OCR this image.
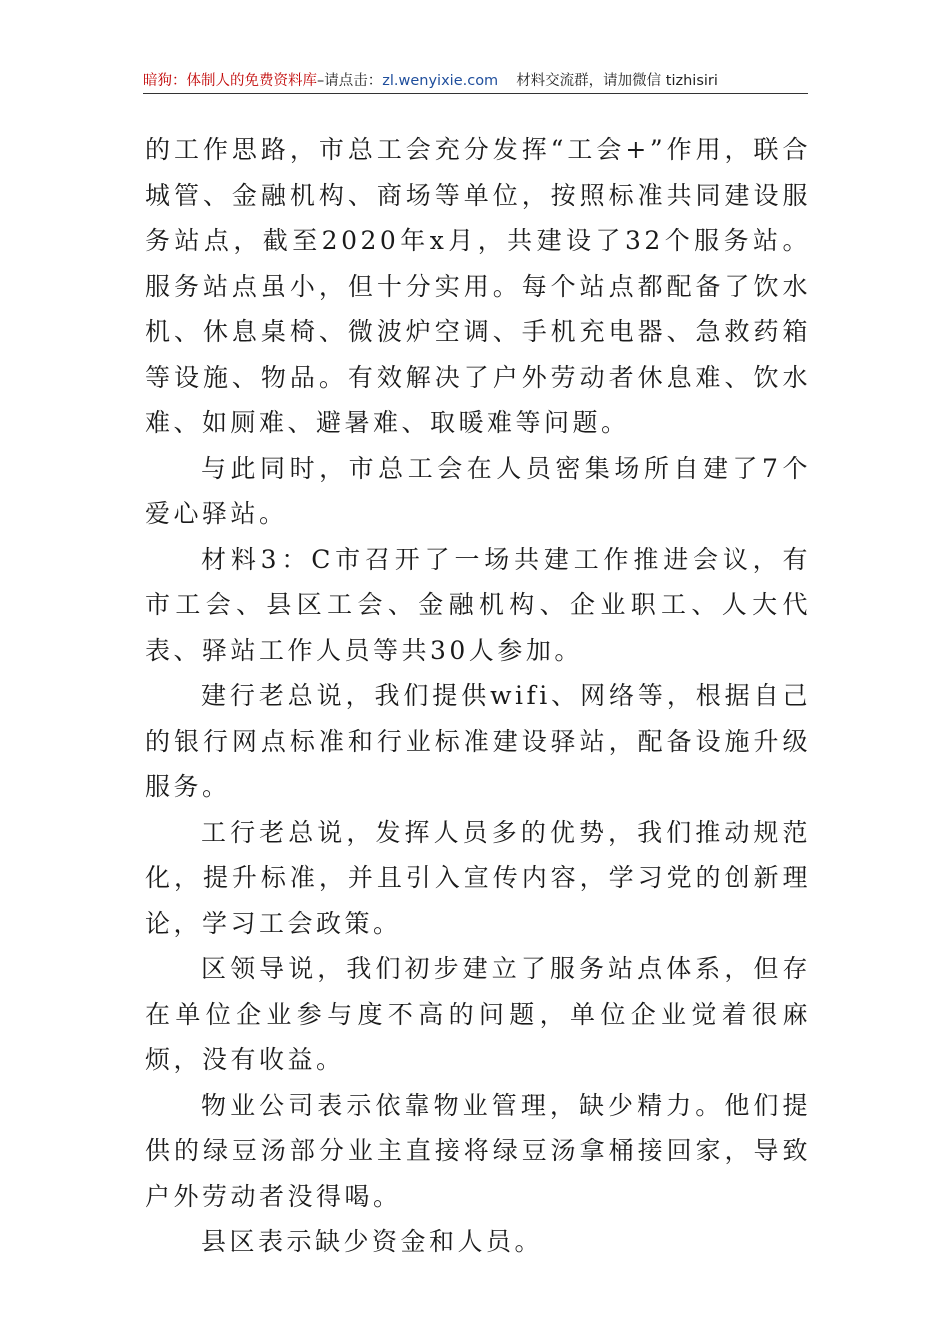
暗狗：体制人的免费资料库–请点击：zl.wenyixie.com 材料交流群，请加微信 tizhisiri

的工作思路，市总工会充分发挥“工会+”作用，联合城管、金融机构、商场等单位，按照标准共同建设服务站点，截至2020年x月，共建设了32个服务站。服务站点虽小，但十分实用。每个站点都配备了饮水机、休息桌椅、微波炉空调、手机充电器、急救药箱等设施、物品。有效解决了户外劳动者休息难、饮水难、如厕难、避暑难、取暖难等问题。

与此同时，市总工会在人员密集场所自建了7个爱心驿站。

材料3：C市召开了一场共建工作推进会议，有市工会、县区工会、金融机构、企业职工、人大代表、驿站工作人员等共30人参加。

建行老总说，我们提供wifi、网络等，根据自己的银行网点标准和行业标准建设驿站，配备设施升级服务。

工行老总说，发挥人员多的优势，我们推动规范化，提升标准，并且引入宣传内容，学习党的创新理论，学习工会政策。

区领导说，我们初步建立了服务站点体系，但存在单位企业参与度不高的问题，单位企业觉着很麻烦，没有收益。

物业公司表示依靠物业管理，缺少精力。他们提供的绿豆汤部分业主直接将绿豆汤拿桶接回家，导致户外劳动者没得喝。

县区表示缺少资金和人员。
